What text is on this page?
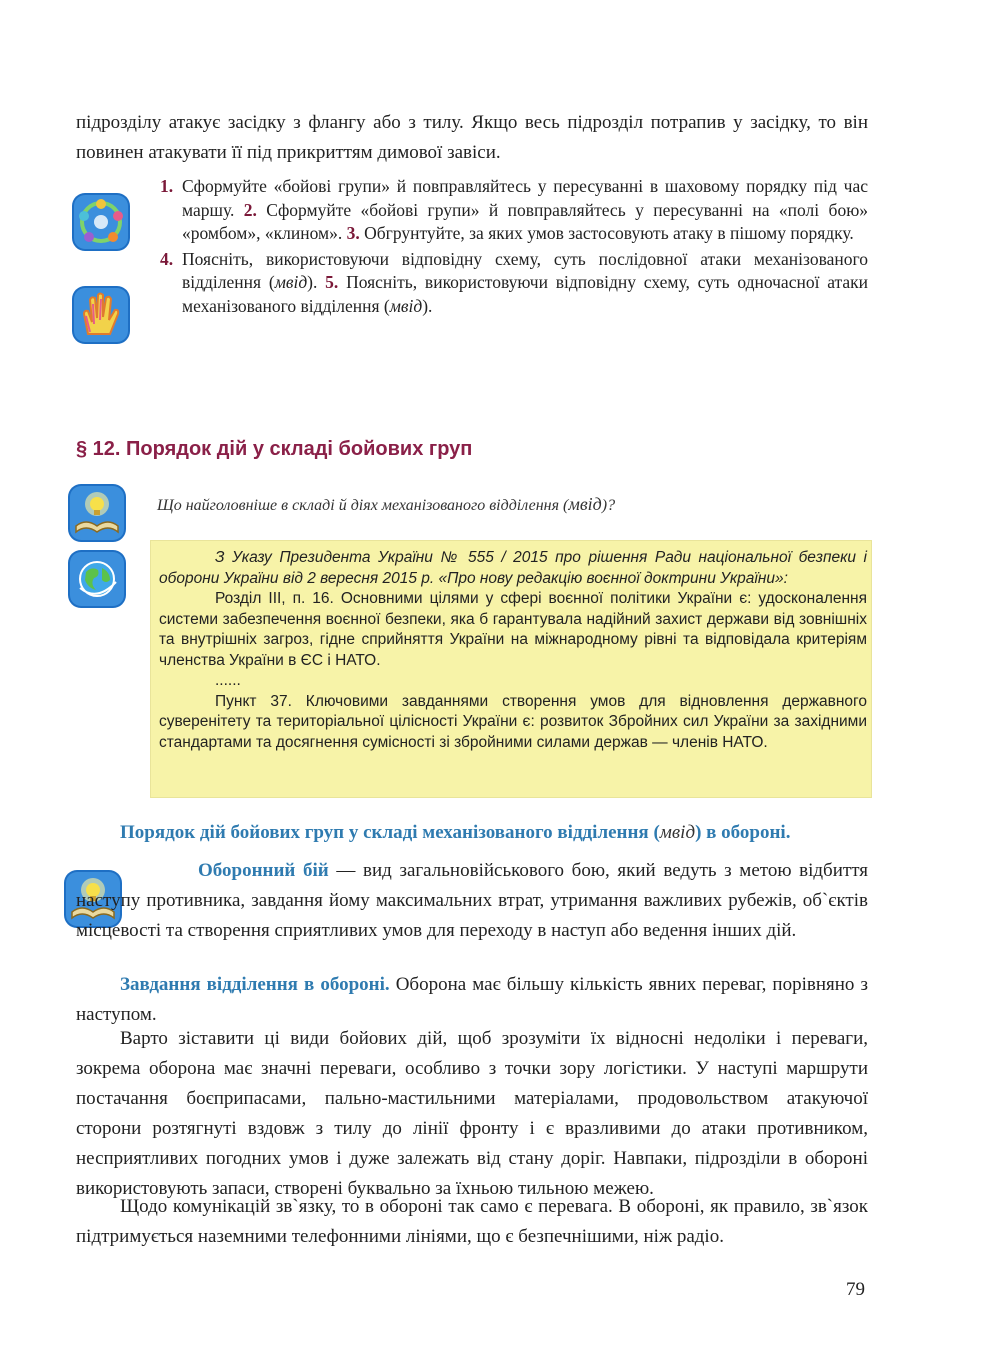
підрозділу атакує засідку з флангу або з тилу. Якщо весь підрозділ потрапив у засідку, то він повинен атакувати її під прикриттям димової завіси.

1. Сформуйте «бойові групи» й повправляйтесь у пересуванні в шаховому порядку під час маршу. 2. Сформуйте «бойові групи» й повправляйтесь у пересуванні на «полі бою» «ромбом», «клином». 3. Обгрунтуйте, за яких умов застосовують атаку в пішому порядку.

4. Поясніть, використовуючи відповідну схему, суть послідовної атаки механізованого відділення (мвід). 5. Поясніть, використовуючи відповідну схему, суть одночасної атаки механізованого відділення (мвід).

§ 12. Порядок дій у складі бойових груп

Що найголовніше в складі й діях механізованого відділення (мвід)?

З Указу Президента України № 555 / 2015 про рішення Ради національної безпеки і оборони України від 2 вересня 2015 р. «Про нову редакцію воєнної доктрини України»:

Розділ III, п. 16. Основними цілями у сфері воєнної політики України є: удосконалення системи забезпечення воєнної безпеки, яка б гарантувала надійний захист держави від зовнішніх та внутрішніх загроз, гідне сприйняття України на міжнародному рівні та відповідала критеріям членства України в ЄС і НАТО.

......

Пункт 37. Ключовими завданнями створення умов для відновлення державного суверенітету та територіальної цілісності України є: розвиток Збройних сил України за західними стандартами та досягнення сумісності зі збройними силами держав — членів НАТО.

Порядок дій бойових груп у складі механізованого відділення (мвід) в обороні.

Оборонний бій — вид загальновійськового бою, який ведуть з метою відбиття наступу противника, завдання йому максимальних втрат, утримання важливих рубежів, об`єктів місцевості та створення сприятливих умов для переходу в наступ або ведення інших дій.

Завдання відділення в обороні. Оборона має більшу кількість явних переваг, порівняно з наступом.

Варто зіставити ці види бойових дій, щоб зрозуміти їх відносні недоліки і переваги, зокрема оборона має значні переваги, особливо з точки зору логістики. У наступі маршрути постачання боєприпасами, пально-мастильними матеріалами, продовольством атакуючої сторони розтягнуті вздовж з тилу до лінії фронту і є вразливими до атаки противником, несприятливих погодних умов і дуже залежать від стану доріг. Навпаки, підрозділи в обороні використовують запаси, створені буквально за їхньою тильною межею.

Щодо комунікацій зв`язку, то в обороні так само є перевага. В обороні, як правило, зв`язок підтримується наземними телефонними лініями, що є безпечнішими, ніж радіо.

79
